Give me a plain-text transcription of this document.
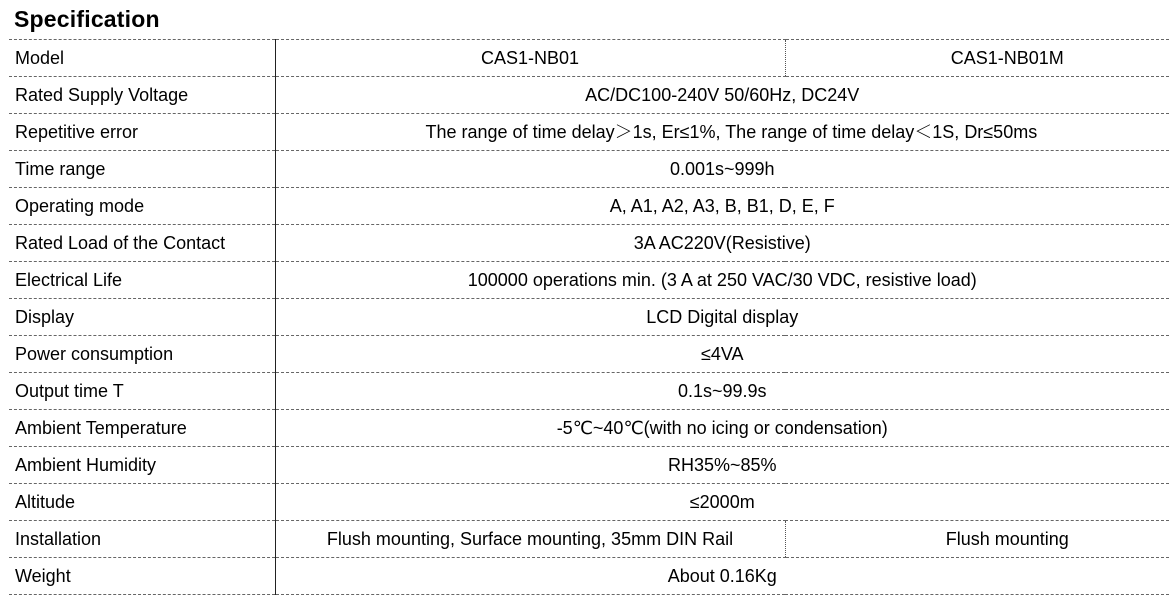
Specification
Model	CAS1-NB01	CAS1-NB01M
Rated Supply Voltage	AC/DC100-240V 50/60Hz, DC24V	
Repetitive error	The range of time delay＞1s, Er≤1%, The range of time delay＜1S, Dr≤50ms	
Time range	0.001s~999h	
Operating mode	A, A1, A2, A3, B, B1, D, E, F	
Rated Load of the Contact	3A AC220V(Resistive)	
Electrical Life	100000 operations min. (3 A at 250 VAC/30 VDC, resistive load)	
Display	LCD Digital display	
Power consumption	≤4VA	
Output time T	0.1s~99.9s	
Ambient Temperature	-5℃~40℃(with no icing or condensation)	
Ambient Humidity	RH35%~85%	
Altitude	≤2000m	
Installation	Flush mounting, Surface mounting, 35mm DIN Rail	Flush mounting
Weight	About 0.16Kg	
